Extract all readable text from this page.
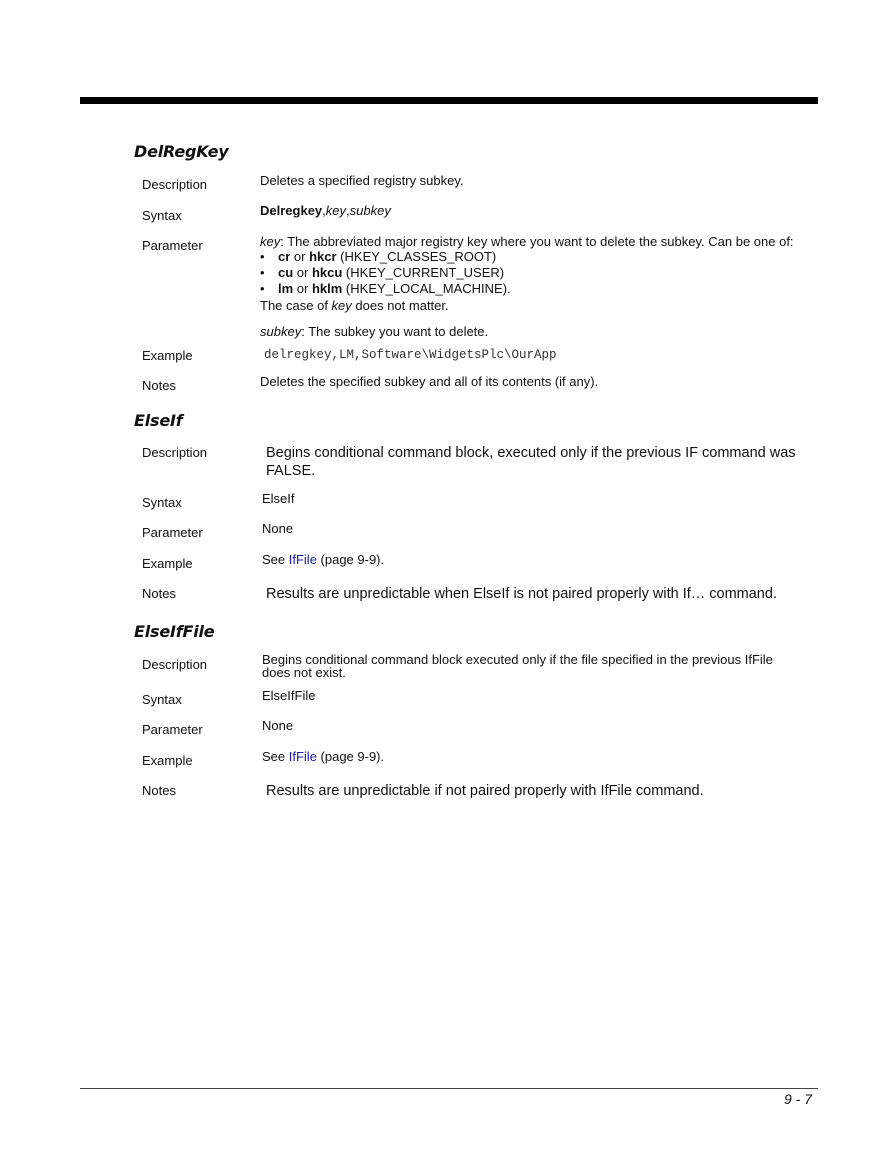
DelRegKey
Description	Deletes a specified registry subkey.
Syntax	Delregkey,key,subkey
Parameter	key: The abbreviated major registry key where you want to delete the subkey. Can be one of:
• cr or hkcr (HKEY_CLASSES_ROOT)
• cu or hkcu (HKEY_CURRENT_USER)
• lm or hklm (HKEY_LOCAL_MACHINE).
The case of key does not matter.
subkey: The subkey you want to delete.
Example	delregkey,LM,Software\WidgetsPlc\OurApp
Notes	Deletes the specified subkey and all of its contents (if any).
ElseIf
Description	Begins conditional command block, executed only if the previous IF command was FALSE.
Syntax	ElseIf
Parameter	None
Example	See IfFile (page 9-9).
Notes	Results are unpredictable when ElseIf is not paired properly with If… command.
ElseIfFile
Description	Begins conditional command block executed only if the file specified in the previous IfFile does not exist.
Syntax	ElseIfFile
Parameter	None
Example	See IfFile (page 9-9).
Notes	Results are unpredictable if not paired properly with IfFile command.
9 - 7
